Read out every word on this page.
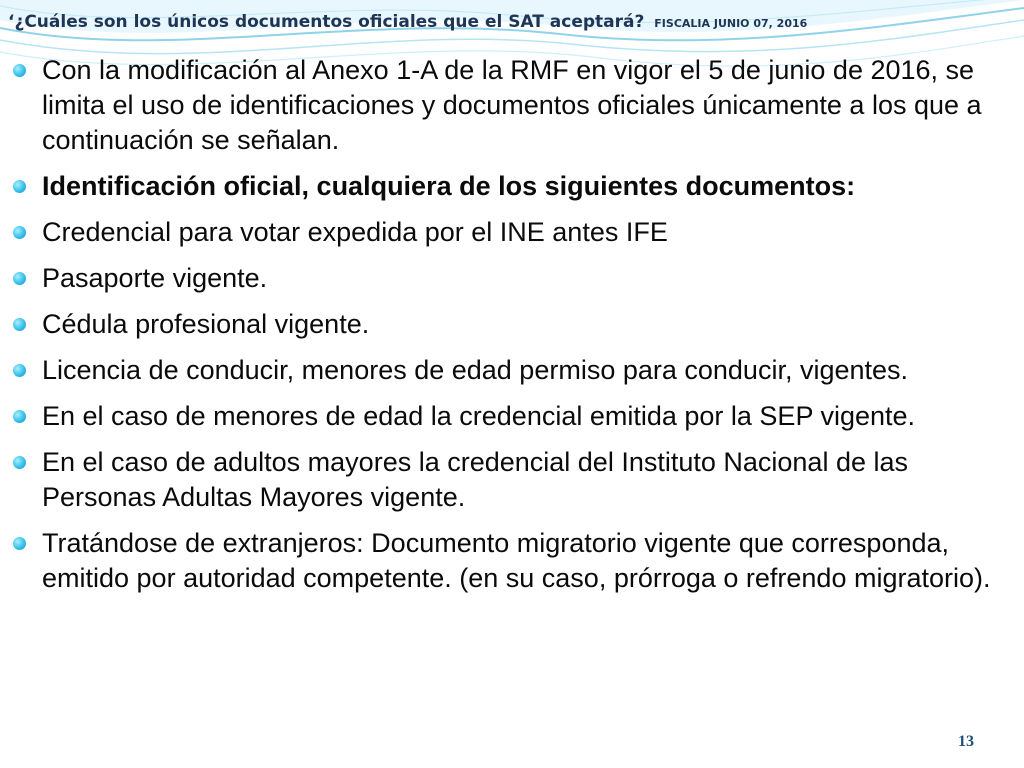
‘¿Cuáles son los únicos documentos oficiales que el SAT aceptará? FISCALIA JUNIO 07, 2016
Con la modificación al Anexo 1-A de la RMF en vigor el 5 de junio de 2016, se limita el uso de identificaciones y documentos oficiales únicamente a los que a continuación se señalan.
Identificación oficial, cualquiera de los siguientes documentos:
Credencial para votar expedida por el INE antes IFE
Pasaporte vigente.
Cédula profesional vigente.
Licencia de conducir, menores de edad permiso para conducir, vigentes.
En el caso de menores de edad la credencial emitida por la SEP vigente.
En el caso de adultos mayores la credencial del Instituto Nacional de las Personas Adultas Mayores vigente.
Tratándose de extranjeros: Documento migratorio vigente que corresponda, emitido por autoridad competente. (en su caso, prórroga o refrendo migratorio).
13
